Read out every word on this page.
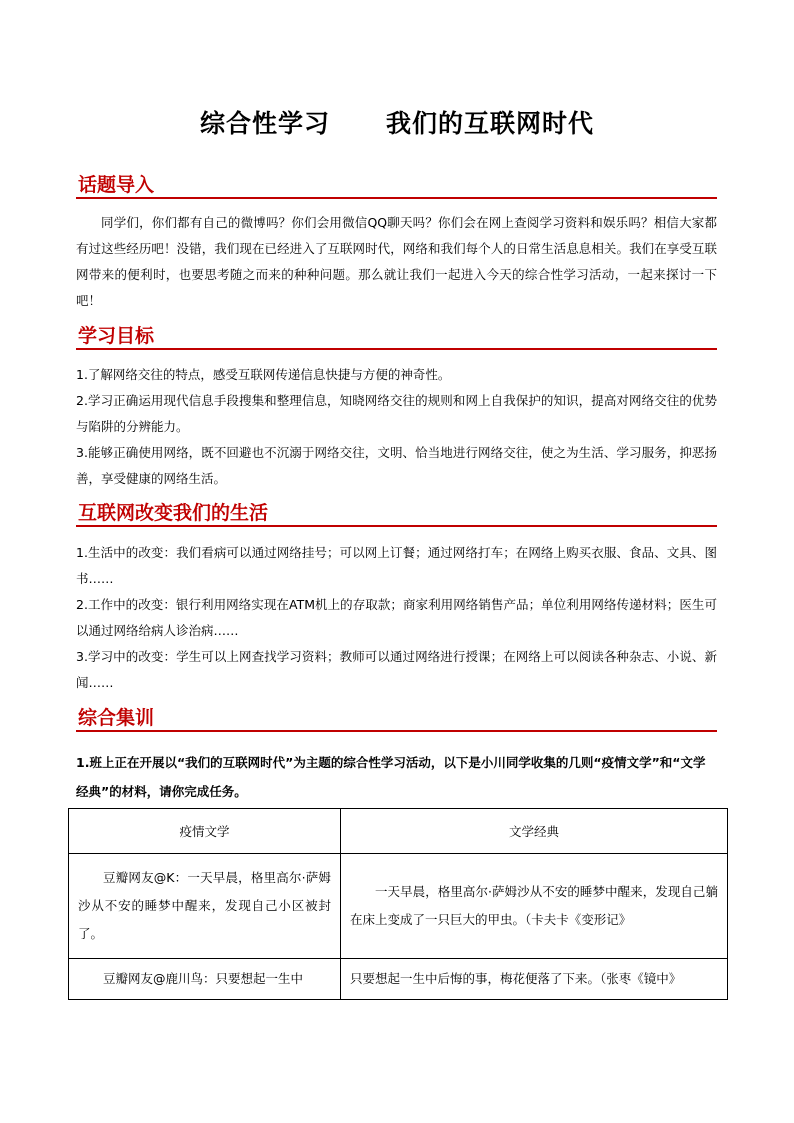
综合性学习 我们的互联网时代
话题导入

同学们，你们都有自己的微博吗？你们会用微信QQ聊天吗？你们会在网上查阅学习资料和娱乐吗？相信大家都有过这些经历吧！没错，我们现在已经进入了互联网时代，网络和我们每个人的日常生活息息相关。我们在享受互联网带来的便利时，也要思考随之而来的种种问题。那么就让我们一起进入今天的综合性学习活动，一起来探讨一下吧！

学习目标

1.了解网络交往的特点，感受互联网传递信息快捷与方便的神奇性。

2.学习正确运用现代信息手段搜集和整理信息，知晓网络交往的规则和网上自我保护的知识，提高对网络交往的优势与陷阱的分辨能力。

3.能够正确使用网络，既不回避也不沉溺于网络交往，文明、恰当地进行网络交往，使之为生活、学习服务，抑恶扬善，享受健康的网络生活。

互联网改变我们的生活

1.生活中的改变：我们看病可以通过网络挂号；可以网上订餐；通过网络打车；在网络上购买衣服、食品、文具、图书……

2.工作中的改变：银行利用网络实现在ATM机上的存取款；商家利用网络销售产品；单位利用网络传递材料；医生可以通过网络给病人诊治病……

3.学习中的改变：学生可以上网查找学习资料；教师可以通过网络进行授课；在网络上可以阅读各种杂志、小说、新闻……

综合集训

1.班上正在开展以“我们的互联网时代”为主题的综合性学习活动，以下是小川同学收集的几则“疫情文学”和“文学经典”的材料，请你完成任务。

疫情文学	文学经典

豆瓣网友@K：一天早晨，格里高尔·萨姆沙从不安的睡梦中醒来，发现自己小区被封了。	一天早晨，格里高尔·萨姆沙从不安的睡梦中醒来，发现自己躺在床上变成了一只巨大的甲虫。（卡夫卡《变形记》

豆瓣网友@鹿川鸟：只要想起一生中	只要想起一生中后悔的事，梅花便落了下来。（张枣《镜中》
